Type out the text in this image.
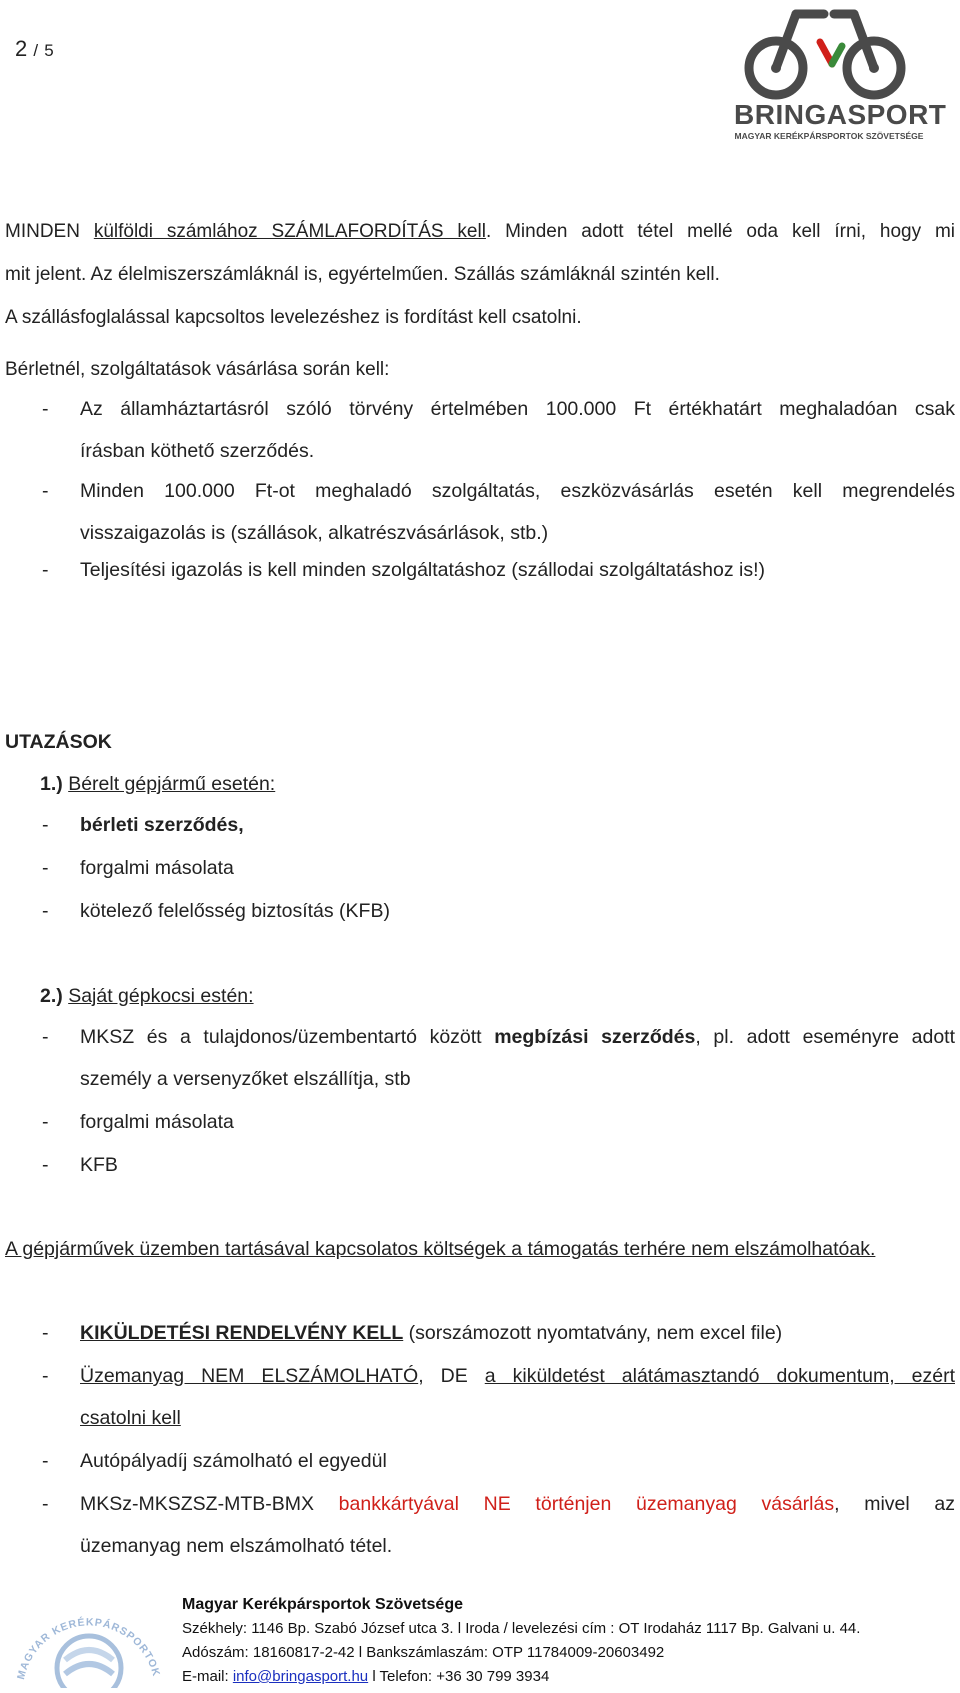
2 / 5
BRINGASPORT
MAGYAR KERÉKPÁRSPORTOK SZÖVETSÉGE
MINDEN külföldi számlához SZÁMLAFORDÍTÁS kell. Minden adott tétel mellé oda kell írni, hogy mi
mit jelent. Az élelmiszerszámláknál is, egyértelműen. Szállás számláknál szintén kell.
A szállásfoglalással kapcsoltos levelezéshez is fordítást kell csatolni.
Bérletnél, szolgáltatások vásárlása során kell:
- Az államháztartásról szóló törvény értelmében 100.000 Ft értékhatárt meghaladóan csak
írásban köthető szerződés.
- Minden 100.000 Ft-ot meghaladó szolgáltatás, eszközvásárlás esetén kell megrendelés
visszaigazolás is (szállások, alkatrészvásárlások, stb.)
- Teljesítési igazolás is kell minden szolgáltatáshoz (szállodai szolgáltatáshoz is!)
UTAZÁSOK
1.) Bérelt gépjármű esetén:
- bérleti szerződés,
- forgalmi másolata
- kötelező felelősség biztosítás (KFB)
2.) Saját gépkocsi estén:
- MKSZ és a tulajdonos/üzembentartó között megbízási szerződés, pl. adott eseményre adott
személy a versenyzőket elszállítja, stb
- forgalmi másolata
- KFB
A gépjárművek üzemben tartásával kapcsolatos költségek a támogatás terhére nem elszámolhatóak.
- KIKÜLDETÉSI RENDELVÉNY KELL (sorszámozott nyomtatvány, nem excel file)
- Üzemanyag NEM ELSZÁMOLHATÓ, DE a kiküldetést alátámasztandó dokumentum, ezért
csatolni kell
- Autópályadíj számolható el egyedül
- MKSz-MKSZSZ-MTB-BMX bankkártyával NE történjen üzemanyag vásárlás, mivel az
üzemanyag nem elszámolható tétel.
MAGYAR KERÉKPÁRSPORTOK
Magyar Kerékpársportok Szövetsége
Székhely: 1146 Bp. Szabó József utca 3. l Iroda / levelezési cím : OT Irodaház 1117 Bp. Galvani u. 44.
Adószám: 18160817-2-42 l Bankszámlaszám: OTP 11784009-20603492
E-mail: info@bringasport.hu l Telefon: +36 30 799 3934
